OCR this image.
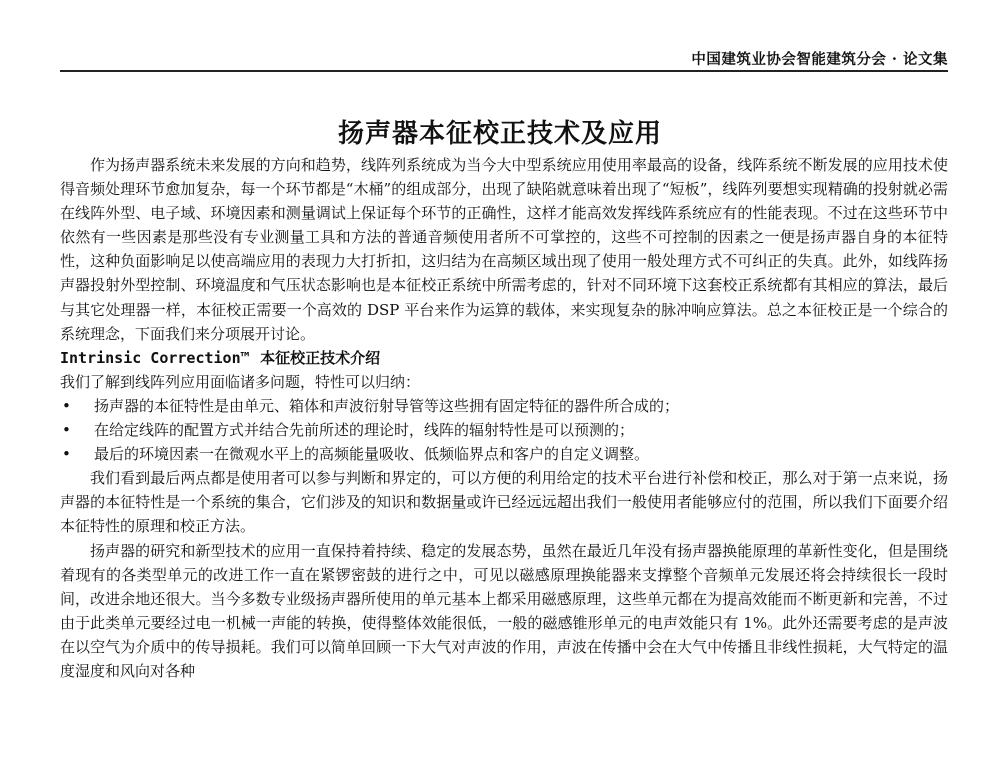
中国建筑业协会智能建筑分会 · 论文集
扬声器本征校正技术及应用

作为扬声器系统未来发展的方向和趋势，线阵列系统成为当今大中型系统应用使用率最高的设备，线阵系统不断发展的应用技术使得音频处理环节愈加复杂，每一个环节都是“木桶”的组成部分，出现了缺陷就意味着出现了“短板”，线阵列要想实现精确的投射就必需在线阵外型、电子域、环境因素和测量调试上保证每个环节的正确性，这样才能高效发挥线阵系统应有的性能表现。不过在这些环节中依然有一些因素是那些没有专业测量工具和方法的普通音频使用者所不可掌控的，这些不可控制的因素之一便是扬声器自身的本征特性，这种负面影响足以使高端应用的表现力大打折扣，这归结为在高频区域出现了使用一般处理方式不可纠正的失真。此外，如线阵扬声器投射外型控制、环境温度和气压状态影响也是本征校正系统中所需考虑的，针对不同环境下这套校正系统都有其相应的算法，最后与其它处理器一样，本征校正需要一个高效的 DSP 平台来作为运算的载体，来实现复杂的脉冲响应算法。总之本征校正是一个综合的系统理念，下面我们来分项展开讨论。

Intrinsic Correction™ 本征校正技术介绍

我们了解到线阵列应用面临诸多问题，特性可以归纳：

• 扬声器的本征特性是由单元、箱体和声波衍射导管等这些拥有固定特征的器件所合成的；
• 在给定线阵的配置方式并结合先前所述的理论时，线阵的辐射特性是可以预测的；
• 最后的环境因素一在微观水平上的高频能量吸收、低频临界点和客户的自定义调整。

我们看到最后两点都是使用者可以参与判断和界定的，可以方便的利用给定的技术平台进行补偿和校正，那么对于第一点来说，扬声器的本征特性是一个系统的集合，它们涉及的知识和数据量或许已经远远超出我们一般使用者能够应付的范围，所以我们下面要介绍本征特性的原理和校正方法。

扬声器的研究和新型技术的应用一直保持着持续、稳定的发展态势，虽然在最近几年没有扬声器换能原理的革新性变化，但是围绕着现有的各类型单元的改进工作一直在紧锣密鼓的进行之中，可见以磁感原理换能器来支撑整个音频单元发展还将会持续很长一段时间，改进余地还很大。当今多数专业级扬声器所使用的单元基本上都采用磁感原理，这些单元都在为提高效能而不断更新和完善，不过由于此类单元要经过电一机械一声能的转换，使得整体效能很低，一般的磁感锥形单元的电声效能只有 1%。此外还需要考虑的是声波在以空气为介质中的传导损耗。我们可以简单回顾一下大气对声波的作用，声波在传播中会在大气中传播且非线性损耗，大气特定的温度湿度和风向对各种
